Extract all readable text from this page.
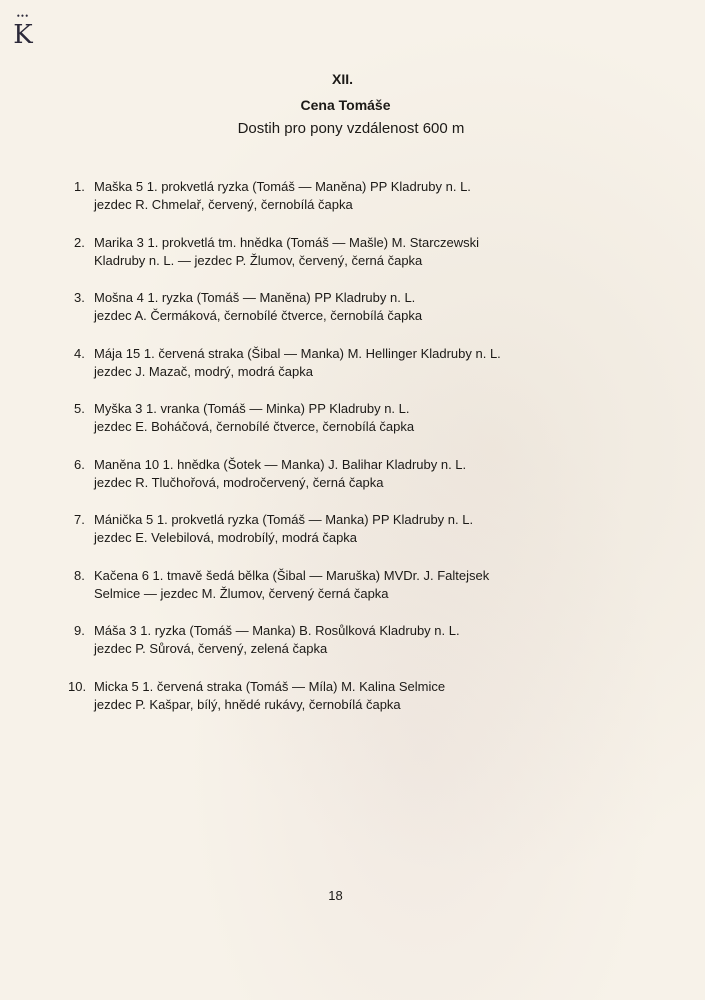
•••
K
XII.
Cena Tomáše
Dostih pro pony vzdálenost 600 m
1. Maška 5 1. prokvetlá ryzka (Tomáš — Maněna) PP Kladruby n. L.
jezdec R. Chmelař, červený, černobílá čapka
2. Marika 3 1. prokvetlá tm. hnědka (Tomáš — Mašle) M. Starczewski
Kladruby n. L. — jezdec P. Žlumov, červený, černá čapka
3. Mošna 4 1. ryzka (Tomáš — Maněna) PP Kladruby n. L.
jezdec A. Čermáková, černobílé čtverce, černobílá čapka
4. Mája 15 1. červená straka (Šibal — Manka) M. Hellinger Kladruby n. L.
jezdec J. Mazač, modrý, modrá čapka
5. Myška 3 1. vranka (Tomáš — Minka) PP Kladruby n. L.
jezdec E. Boháčová, černobílé čtverce, černobílá čapka
6. Maněna 10 1. hnědka (Šotek — Manka) J. Balihar Kladruby n. L.
jezdec R. Tlučhořová, modročervený, černá čapka
7. Mánička 5 1. prokvetlá ryzka (Tomáš — Manka) PP Kladruby n. L.
jezdec E. Velebilová, modrobílý, modrá čapka
8. Kačena 6 1. tmavě šedá bělka (Šibal — Maruška) MVDr. J. Faltejsek
Selmice — jezdec M. Žlumov, červený černá čapka
9. Máša 3 1. ryzka (Tomáš — Manka) B. Rosůlková Kladruby n. L.
jezdec P. Sůrová, červený, zelená čapka
10. Micka 5 1. červená straka (Tomáš — Míla) M. Kalina Selmice
jezdec P. Kašpar, bílý, hnědé rukávy, černobílá čapka
18
